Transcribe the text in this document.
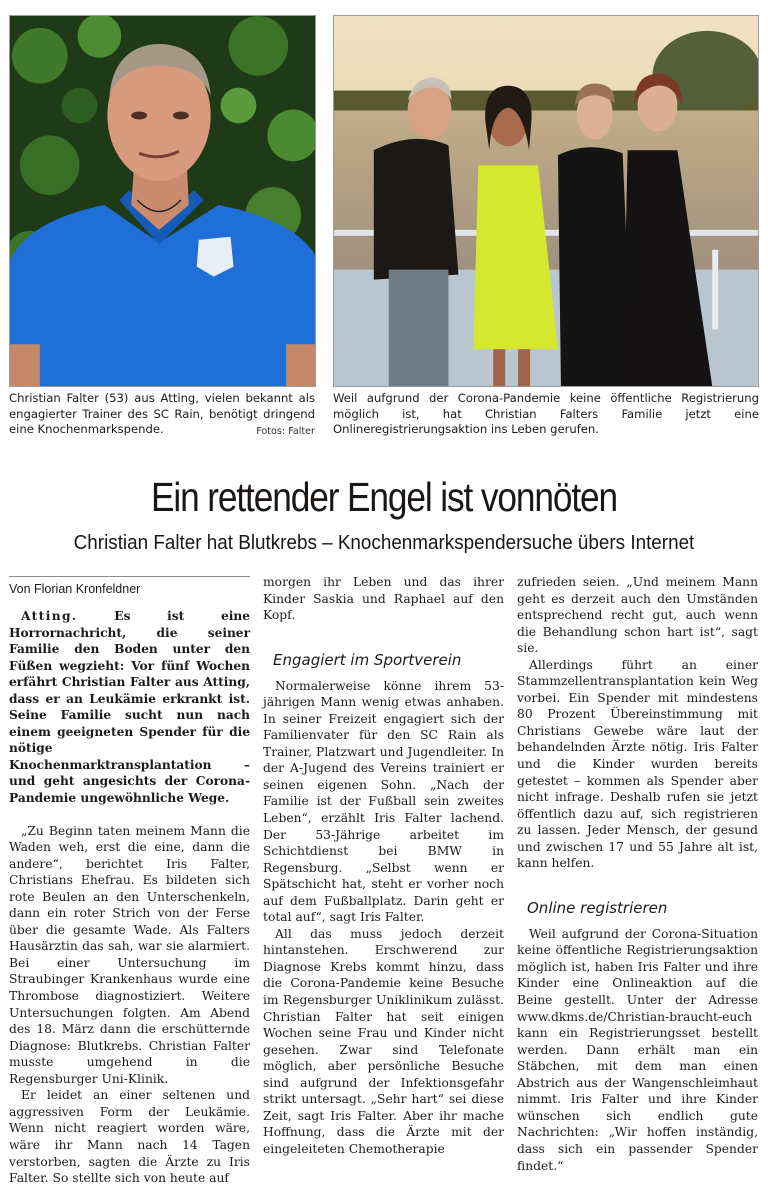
Christian Falter (53) aus Atting, vielen bekannt als engagierter Trainer des SC Rain, benötigt dringend eine Knochenmarkspende.	Fotos: Falter
Weil aufgrund der Corona-Pandemie keine öffentliche Registrierung möglich ist, hat Christian Falters Familie jetzt eine Onlineregistrierungsaktion ins Leben gerufen.
Ein rettender Engel ist vonnöten
Christian Falter hat Blutkrebs – Knochenmarkspendersuche übers Internet
Von Florian Kronfeldner

Atting.	Es ist eine Horrornachricht, die seiner Familie den Boden unter den Füßen wegzieht: Vor fünf Wochen erfährt Christian Falter aus Atting, dass er an Leukämie erkrankt ist. Seine Familie sucht nun nach einem geeigneten Spender für die nötige Knochenmarktransplantation – und geht angesichts der Corona-Pandemie ungewöhnliche Wege.

„Zu Beginn taten meinem Mann die Waden weh, erst die eine, dann die andere“, berichtet Iris Falter, Christians Ehefrau. Es bildeten sich rote Beulen an den Unterschenkeln, dann ein roter Strich von der Ferse über die gesamte Wade. Als Falters Hausärztin das sah, war sie alarmiert. Bei einer Untersuchung im Straubinger Krankenhaus wurde eine Thrombose diagnostiziert. Weitere Untersuchungen folgten. Am Abend des 18. März dann die erschütternde Diagnose: Blutkrebs. Christian Falter musste umgehend in die Regensburger Uni-Klinik.

Er leidet an einer seltenen und aggressiven Form der Leukämie. Wenn nicht reagiert worden wäre, wäre ihr Mann nach 14 Tagen verstorben, sagten die Ärzte zu Iris Falter. So stellte sich von heute auf

morgen ihr Leben und das ihrer Kinder Saskia und Raphael auf den Kopf.

Engagiert im Sportverein

Normalerweise könne ihrem 53-jährigen Mann wenig etwas anhaben. In seiner Freizeit engagiert sich der Familienvater für den SC Rain als Trainer, Platzwart und Jugendleiter. In der A-Jugend des Vereins trainiert er seinen eigenen Sohn. „Nach der Familie ist der Fußball sein zweites Leben“, erzählt Iris Falter lachend. Der 53-Jährige arbeitet im Schichtdienst bei BMW in Regensburg. „Selbst wenn er Spätschicht hat, steht er vorher noch auf dem Fußballplatz. Darin geht er total auf“, sagt Iris Falter.

All das muss jedoch derzeit hintanstehen. Erschwerend zur Diagnose Krebs kommt hinzu, dass die Corona-Pandemie keine Besuche im Regensburger Uniklinikum zulässt. Christian Falter hat seit einigen Wochen seine Frau und Kinder nicht gesehen. Zwar sind Telefonate möglich, aber persönliche Besuche sind aufgrund der Infektionsgefahr strikt untersagt. „Sehr hart“ sei diese Zeit, sagt Iris Falter. Aber ihr mache Hoffnung, dass die Ärzte mit der eingeleiteten Chemotherapie

zufrieden seien. „Und meinem Mann geht es derzeit auch den Umständen entsprechend recht gut, auch wenn die Behandlung schon hart ist“, sagt sie.

Allerdings führt an einer Stammzellentransplantation kein Weg vorbei. Ein Spender mit mindestens 80 Prozent Übereinstimmung mit Christians Gewebe wäre laut der behandelnden Ärzte nötig. Iris Falter und die Kinder wurden bereits getestet – kommen als Spender aber nicht infrage. Deshalb rufen sie jetzt öffentlich dazu auf, sich registrieren zu lassen. Jeder Mensch, der gesund und zwischen 17 und 55 Jahre alt ist, kann helfen.

Online registrieren

Weil aufgrund der Corona-Situation keine öffentliche Registrierungsaktion möglich ist, haben Iris Falter und ihre Kinder eine Onlineaktion auf die Beine gestellt. Unter der Adresse www.dkms.de/Christian-braucht-euch kann ein Registrierungsset bestellt werden. Dann erhält man ein Stäbchen, mit dem man einen Abstrich aus der Wangenschleimhaut nimmt. Iris Falter und ihre Kinder wünschen sich endlich gute Nachrichten: „Wir hoffen inständig, dass sich ein passender Spender findet.“
